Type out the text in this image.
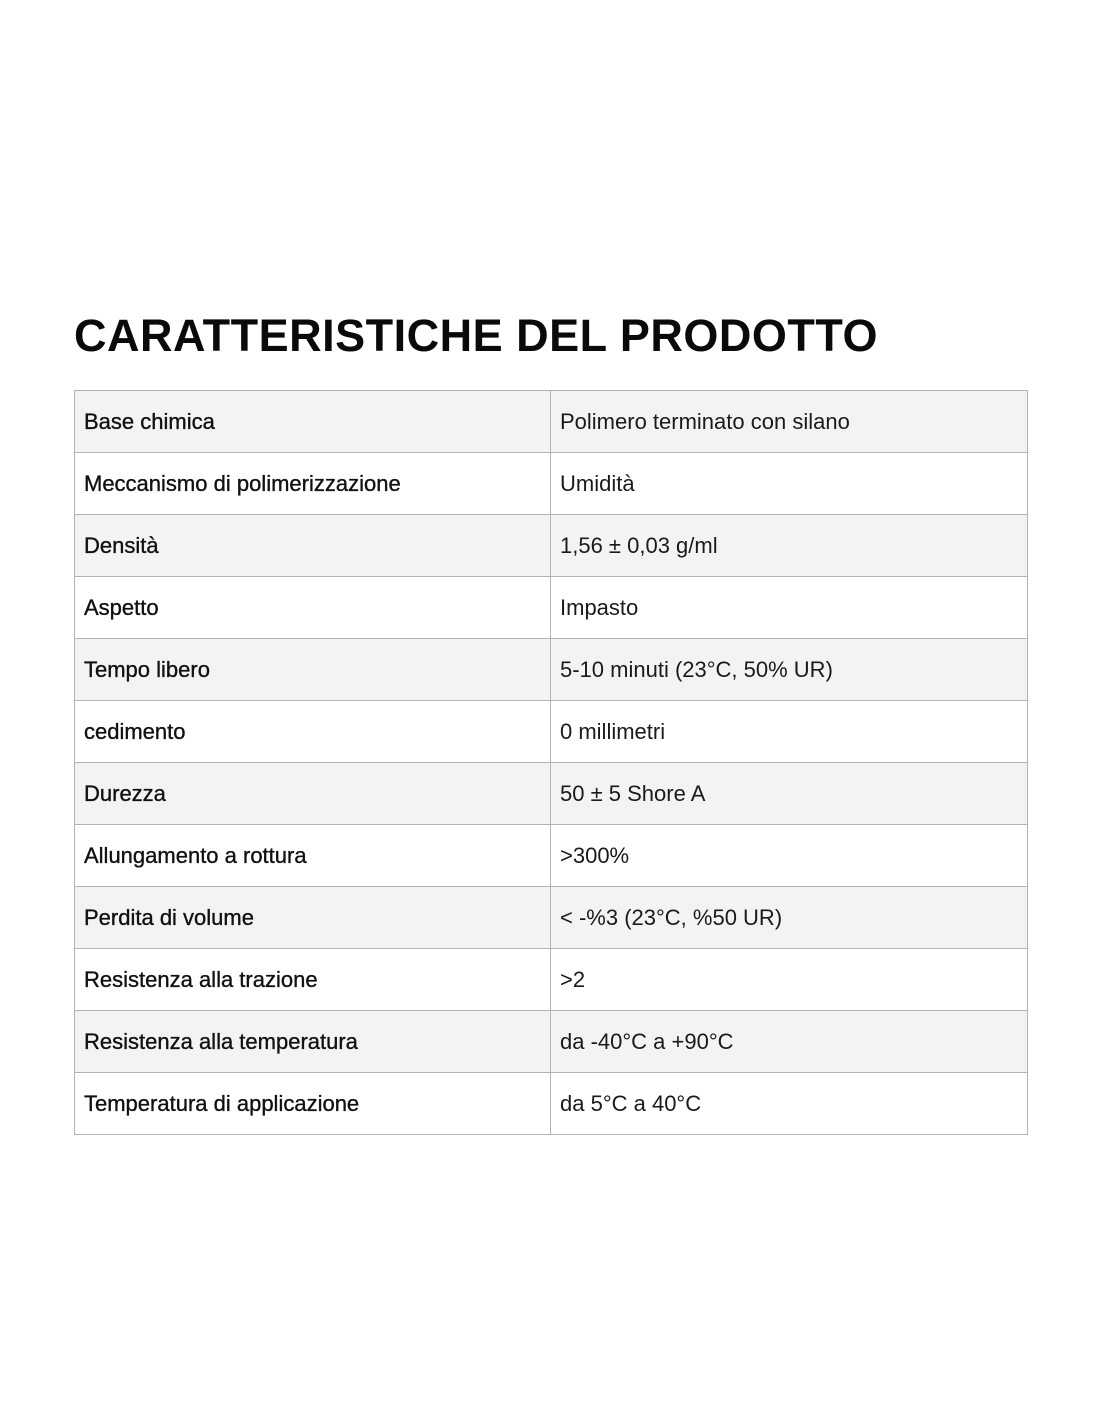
CARATTERISTICHE DEL PRODOTTO
Base chimica	Polimero terminato con silano
Meccanismo di polimerizzazione	Umidità
Densità	1,56 ± 0,03 g/ml
Aspetto	Impasto
Tempo libero	5-10 minuti (23°C, 50% UR)
cedimento	0 millimetri
Durezza	50 ± 5 Shore A
Allungamento a rottura	>300%
Perdita di volume	< -%3 (23°C, %50 UR)
Resistenza alla trazione	>2
Resistenza alla temperatura	da -40°C a +90°C
Temperatura di applicazione	da 5°C a 40°C
